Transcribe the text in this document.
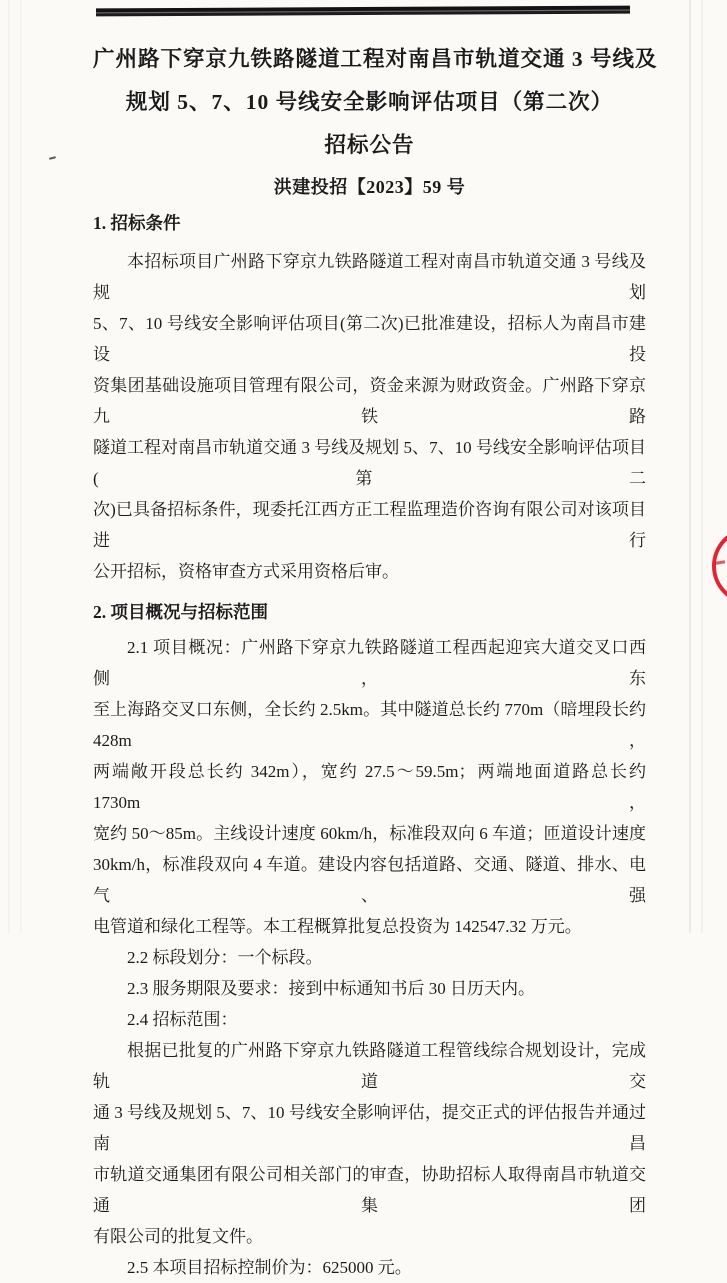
广州路下穿京九铁路隧道工程对南昌市轨道交通 3 号线及
规划 5、7、10 号线安全影响评估项目（第二次）
招标公告
洪建投招【2023】59 号
1. 招标条件
本招标项目广州路下穿京九铁路隧道工程对南昌市轨道交通 3 号线及规划
5、7、10 号线安全影响评估项目(第二次)已批准建设，招标人为南昌市建设投
资集团基础设施项目管理有限公司，资金来源为财政资金。广州路下穿京九铁路
隧道工程对南昌市轨道交通 3 号线及规划 5、7、10 号线安全影响评估项目(第二
次)已具备招标条件，现委托江西方正工程监理造价咨询有限公司对该项目进行
公开招标，资格审查方式采用资格后审。
2. 项目概况与招标范围
2.1 项目概况：广州路下穿京九铁路隧道工程西起迎宾大道交叉口西侧，东
至上海路交叉口东侧，全长约 2.5km。其中隧道总长约 770m（暗埋段长约 428m，
两端敞开段总长约 342m），宽约 27.5～59.5m；两端地面道路总长约 1730m，
宽约 50～85m。主线设计速度 60km/h，标准段双向 6 车道；匝道设计速度
30km/h，标准段双向 4 车道。建设内容包括道路、交通、隧道、排水、电气、强
电管道和绿化工程等。本工程概算批复总投资为 142547.32 万元。
2.2 标段划分：一个标段。
2.3 服务期限及要求：接到中标通知书后 30 日历天内。
2.4 招标范围：
根据已批复的广州路下穿京九铁路隧道工程管线综合规划设计，完成轨道交
通 3 号线及规划 5、7、10 号线安全影响评估，提交正式的评估报告并通过南昌
市轨道交通集团有限公司相关部门的审查，协助招标人取得南昌市轨道交通集团
有限公司的批复文件。
2.5 本项目招标控制价为：625000 元。
